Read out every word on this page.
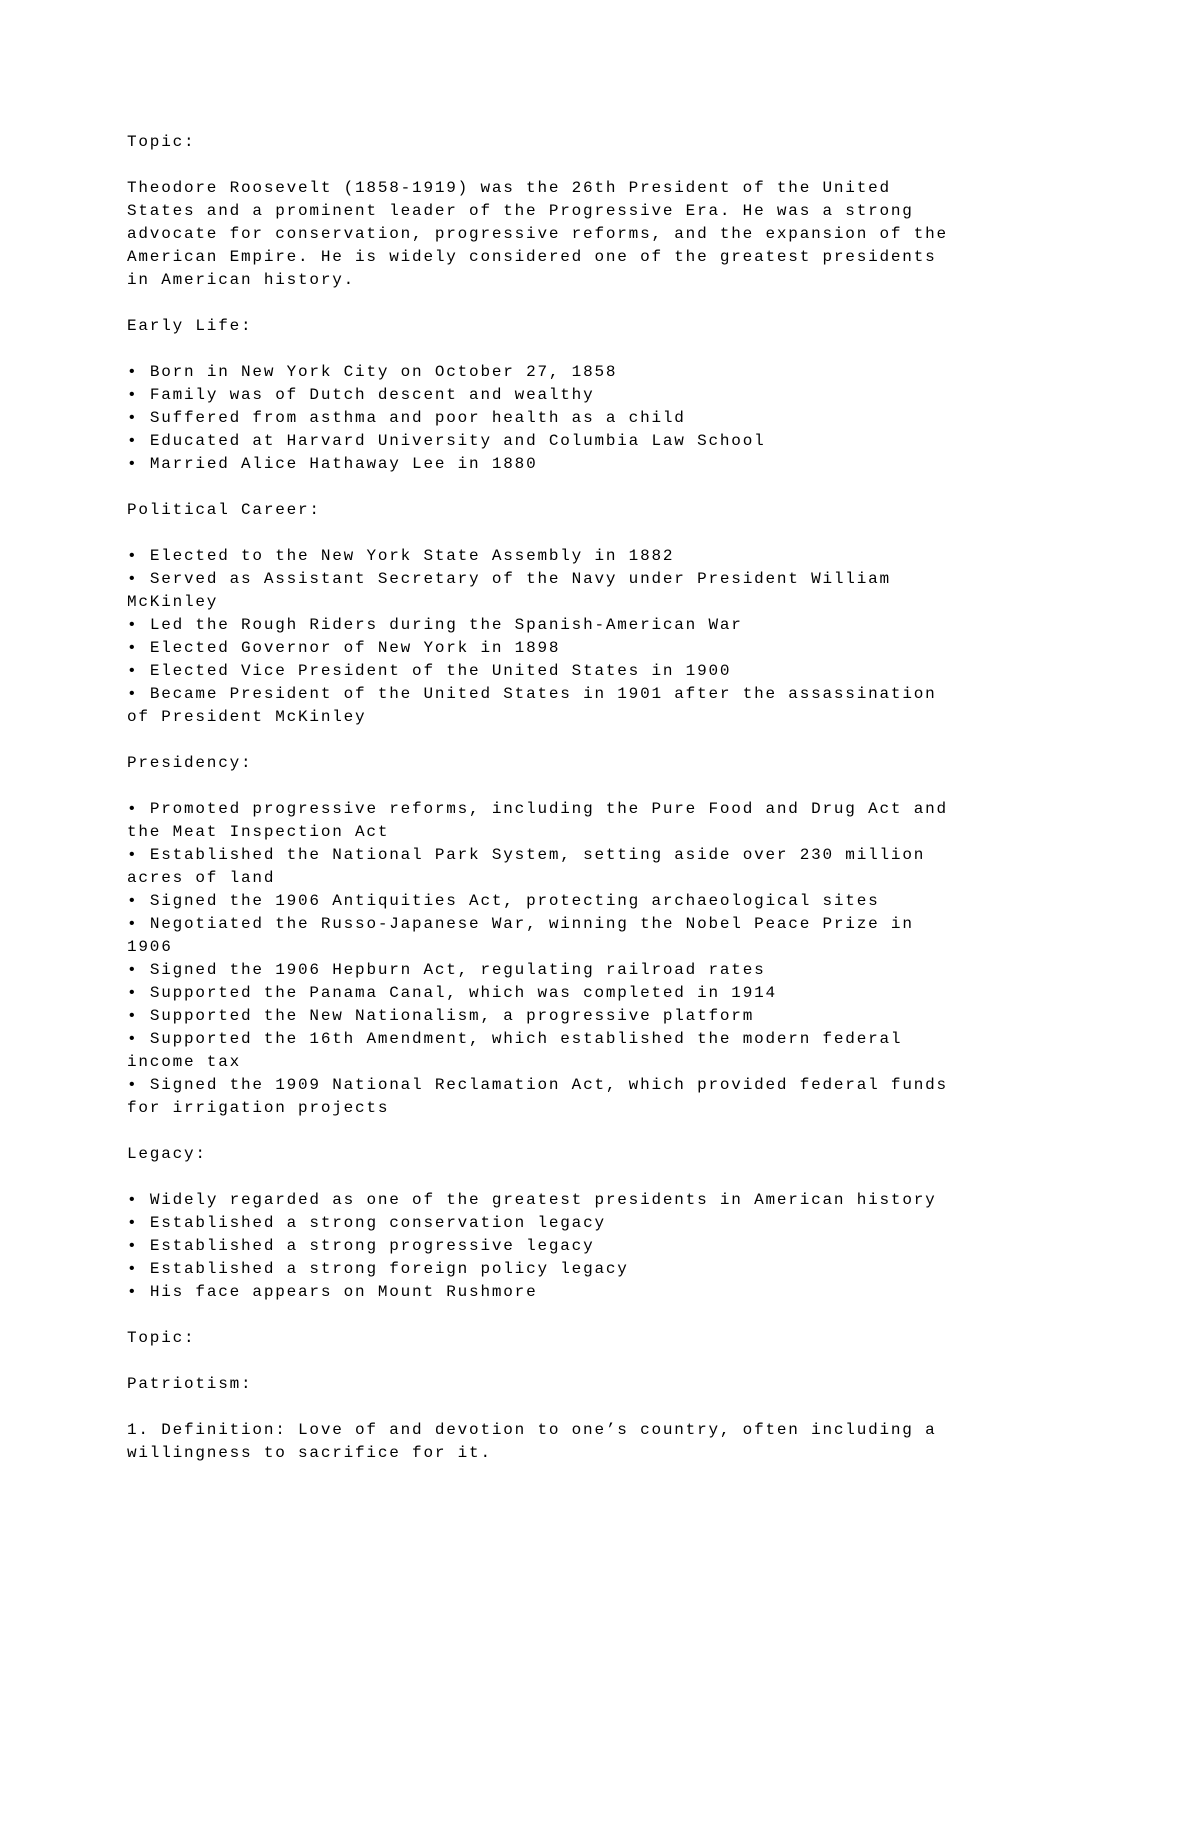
Topic:
Theodore Roosevelt (1858-1919) was the 26th President of the United States and a prominent leader of the Progressive Era. He was a strong advocate for conservation, progressive reforms, and the expansion of the American Empire. He is widely considered one of the greatest presidents in American history.
Early Life:
• Born in New York City on October 27, 1858
• Family was of Dutch descent and wealthy
• Suffered from asthma and poor health as a child
• Educated at Harvard University and Columbia Law School
• Married Alice Hathaway Lee in 1880
Political Career:
• Elected to the New York State Assembly in 1882
• Served as Assistant Secretary of the Navy under President William McKinley
• Led the Rough Riders during the Spanish-American War
• Elected Governor of New York in 1898
• Elected Vice President of the United States in 1900
• Became President of the United States in 1901 after the assassination of President McKinley
Presidency:
• Promoted progressive reforms, including the Pure Food and Drug Act and the Meat Inspection Act
• Established the National Park System, setting aside over 230 million acres of land
• Signed the 1906 Antiquities Act, protecting archaeological sites
• Negotiated the Russo-Japanese War, winning the Nobel Peace Prize in 1906
• Signed the 1906 Hepburn Act, regulating railroad rates
• Supported the Panama Canal, which was completed in 1914
• Supported the New Nationalism, a progressive platform
• Supported the 16th Amendment, which established the modern federal income tax
• Signed the 1909 National Reclamation Act, which provided federal funds for irrigation projects
Legacy:
• Widely regarded as one of the greatest presidents in American history
• Established a strong conservation legacy
• Established a strong progressive legacy
• Established a strong foreign policy legacy
• His face appears on Mount Rushmore
Topic:
Patriotism:
1. Definition: Love of and devotion to one’s country, often including a willingness to sacrifice for it.
